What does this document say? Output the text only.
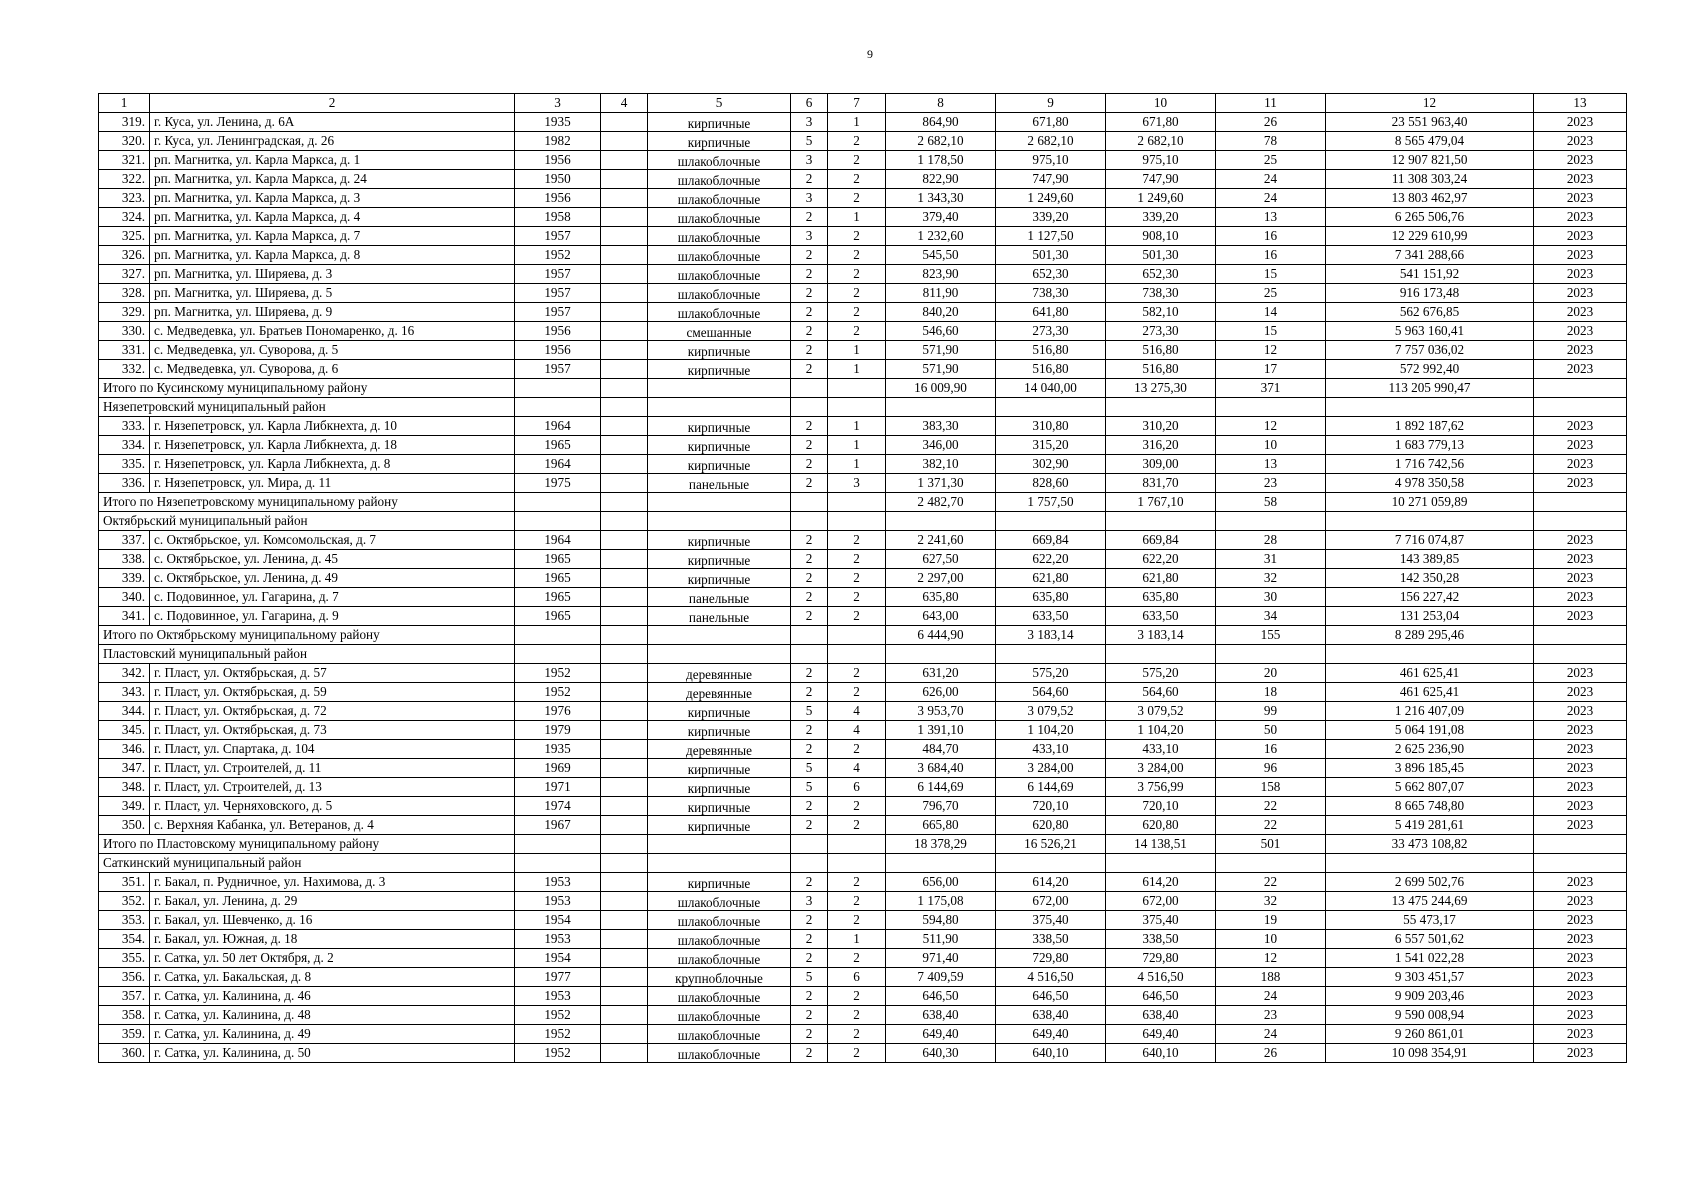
9
1	2	3	4	5	6	7	8	9	10	11	12	13
319.	г. Куса, ул. Ленина, д. 6А	1935		кирпичные	3	1	864,90	671,80	671,80	26	23 551 963,40	2023
320.	г. Куса, ул. Ленинградская, д. 26	1982		кирпичные	5	2	2 682,10	2 682,10	2 682,10	78	8 565 479,04	2023
321.	рп. Магнитка, ул. Карла Маркса, д. 1	1956		шлакоблочные	3	2	1 178,50	975,10	975,10	25	12 907 821,50	2023
322.	рп. Магнитка, ул. Карла Маркса, д. 24	1950		шлакоблочные	2	2	822,90	747,90	747,90	24	11 308 303,24	2023
323.	рп. Магнитка, ул. Карла Маркса, д. 3	1956		шлакоблочные	3	2	1 343,30	1 249,60	1 249,60	24	13 803 462,97	2023
324.	рп. Магнитка, ул. Карла Маркса, д. 4	1958		шлакоблочные	2	1	379,40	339,20	339,20	13	6 265 506,76	2023
325.	рп. Магнитка, ул. Карла Маркса, д. 7	1957		шлакоблочные	3	2	1 232,60	1 127,50	908,10	16	12 229 610,99	2023
326.	рп. Магнитка, ул. Карла Маркса, д. 8	1952		шлакоблочные	2	2	545,50	501,30	501,30	16	7 341 288,66	2023
327.	рп. Магнитка, ул. Ширяева, д. 3	1957		шлакоблочные	2	2	823,90	652,30	652,30	15	541 151,92	2023
328.	рп. Магнитка, ул. Ширяева, д. 5	1957		шлакоблочные	2	2	811,90	738,30	738,30	25	916 173,48	2023
329.	рп. Магнитка, ул. Ширяева, д. 9	1957		шлакоблочные	2	2	840,20	641,80	582,10	14	562 676,85	2023
330.	с. Медведевка, ул. Братьев Пономаренко, д. 16	1956		смешанные	2	2	546,60	273,30	273,30	15	5 963 160,41	2023
331.	с. Медведевка, ул. Суворова, д. 5	1956		кирпичные	2	1	571,90	516,80	516,80	12	7 757 036,02	2023
332.	с. Медведевка, ул. Суворова, д. 6	1957		кирпичные	2	1	571,90	516,80	516,80	17	572 992,40	2023
Итого по Кусинскому муниципальному району							16 009,90	14 040,00	13 275,30	371	113 205 990,47	
Нязепетровский муниципальный район												
333.	г. Нязепетровск, ул. Карла Либкнехта, д. 10	1964		кирпичные	2	1	383,30	310,80	310,20	12	1 892 187,62	2023
334.	г. Нязепетровск, ул. Карла Либкнехта, д. 18	1965		кирпичные	2	1	346,00	315,20	316,20	10	1 683 779,13	2023
335.	г. Нязепетровск, ул. Карла Либкнехта, д. 8	1964		кирпичные	2	1	382,10	302,90	309,00	13	1 716 742,56	2023
336.	г. Нязепетровск, ул. Мира, д. 11	1975		панельные	2	3	1 371,30	828,60	831,70	23	4 978 350,58	2023
Итого по Нязепетровскому муниципальному району							2 482,70	1 757,50	1 767,10	58	10 271 059,89	
Октябрьский муниципальный район												
337.	с. Октябрьское, ул. Комсомольская, д. 7	1964		кирпичные	2	2	2 241,60	669,84	669,84	28	7 716 074,87	2023
338.	с. Октябрьское, ул. Ленина, д. 45	1965		кирпичные	2	2	627,50	622,20	622,20	31	143 389,85	2023
339.	с. Октябрьское, ул. Ленина, д. 49	1965		кирпичные	2	2	2 297,00	621,80	621,80	32	142 350,28	2023
340.	с. Подовинное, ул. Гагарина, д. 7	1965		панельные	2	2	635,80	635,80	635,80	30	156 227,42	2023
341.	с. Подовинное, ул. Гагарина, д. 9	1965		панельные	2	2	643,00	633,50	633,50	34	131 253,04	2023
Итого по Октябрьскому муниципальному району							6 444,90	3 183,14	3 183,14	155	8 289 295,46	
Пластовский муниципальный район												
342.	г. Пласт, ул. Октябрьская, д. 57	1952		деревянные	2	2	631,20	575,20	575,20	20	461 625,41	2023
343.	г. Пласт, ул. Октябрьская, д. 59	1952		деревянные	2	2	626,00	564,60	564,60	18	461 625,41	2023
344.	г. Пласт, ул. Октябрьская, д. 72	1976		кирпичные	5	4	3 953,70	3 079,52	3 079,52	99	1 216 407,09	2023
345.	г. Пласт, ул. Октябрьская, д. 73	1979		кирпичные	2	4	1 391,10	1 104,20	1 104,20	50	5 064 191,08	2023
346.	г. Пласт, ул. Спартака, д. 104	1935		деревянные	2	2	484,70	433,10	433,10	16	2 625 236,90	2023
347.	г. Пласт, ул. Строителей, д. 11	1969		кирпичные	5	4	3 684,40	3 284,00	3 284,00	96	3 896 185,45	2023
348.	г. Пласт, ул. Строителей, д. 13	1971		кирпичные	5	6	6 144,69	6 144,69	3 756,99	158	5 662 807,07	2023
349.	г. Пласт, ул. Черняховского, д. 5	1974		кирпичные	2	2	796,70	720,10	720,10	22	8 665 748,80	2023
350.	с. Верхняя Кабанка, ул. Ветеранов, д. 4	1967		кирпичные	2	2	665,80	620,80	620,80	22	5 419 281,61	2023
Итого по Пластовскому муниципальному району							18 378,29	16 526,21	14 138,51	501	33 473 108,82	
Саткинский муниципальный район												
351.	г. Бакал, п. Рудничное, ул. Нахимова, д. 3	1953		кирпичные	2	2	656,00	614,20	614,20	22	2 699 502,76	2023
352.	г. Бакал, ул. Ленина, д. 29	1953		шлакоблочные	3	2	1 175,08	672,00	672,00	32	13 475 244,69	2023
353.	г. Бакал, ул. Шевченко, д. 16	1954		шлакоблочные	2	2	594,80	375,40	375,40	19	55 473,17	2023
354.	г. Бакал, ул. Южная, д. 18	1953		шлакоблочные	2	1	511,90	338,50	338,50	10	6 557 501,62	2023
355.	г. Сатка, ул. 50 лет Октября, д. 2	1954		шлакоблочные	2	2	971,40	729,80	729,80	12	1 541 022,28	2023
356.	г. Сатка, ул. Бакальская, д. 8	1977		крупноблочные	5	6	7 409,59	4 516,50	4 516,50	188	9 303 451,57	2023
357.	г. Сатка, ул. Калинина, д. 46	1953		шлакоблочные	2	2	646,50	646,50	646,50	24	9 909 203,46	2023
358.	г. Сатка, ул. Калинина, д. 48	1952		шлакоблочные	2	2	638,40	638,40	638,40	23	9 590 008,94	2023
359.	г. Сатка, ул. Калинина, д. 49	1952		шлакоблочные	2	2	649,40	649,40	649,40	24	9 260 861,01	2023
360.	г. Сатка, ул. Калинина, д. 50	1952		шлакоблочные	2	2	640,30	640,10	640,10	26	10 098 354,91	2023
